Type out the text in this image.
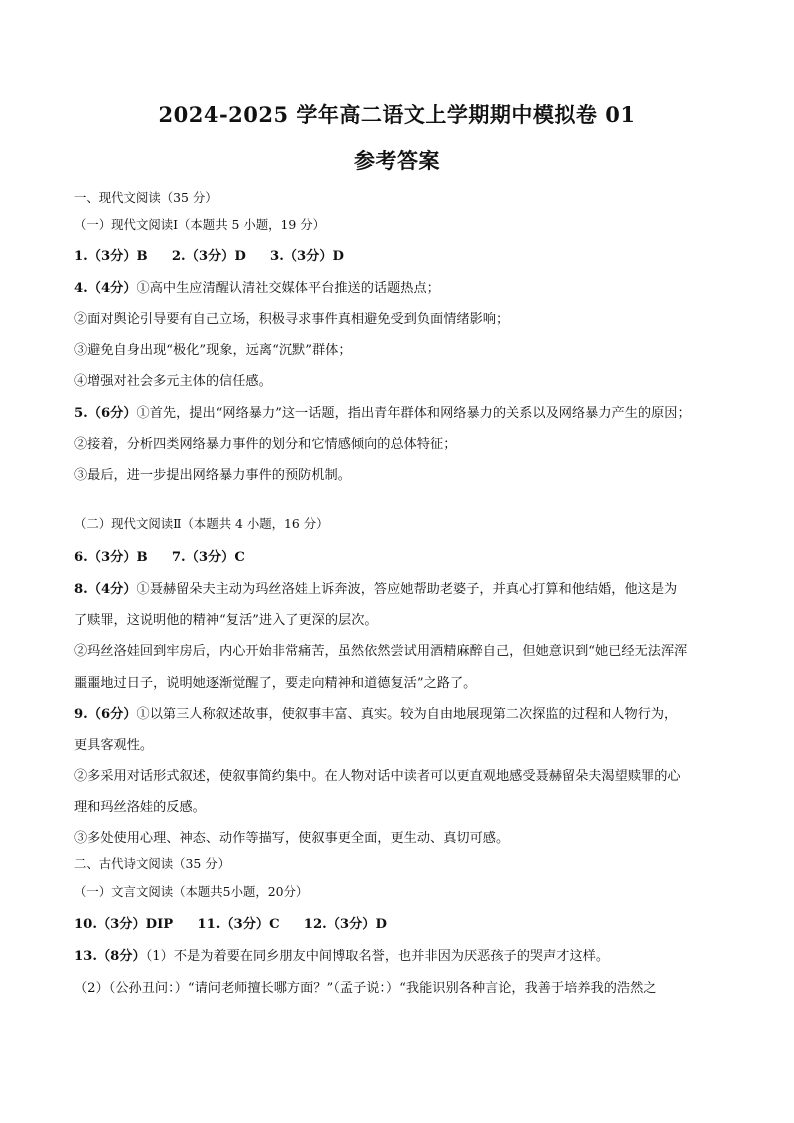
2024-2025 学年高二语文上学期期中模拟卷 01
参考答案
一、现代文阅读（35 分）
（一）现代文阅读Ⅰ（本题共 5 小题，19 分）
1.（3分）B 2.（3分）D 3.（3分）D
4.（4分）①高中生应清醒认清社交媒体平台推送的话题热点；
②面对舆论引导要有自己立场，积极寻求事件真相避免受到负面情绪影响；
③避免自身出现“极化”现象，远离“沉默”群体；
④增强对社会多元主体的信任感。
5.（6分）①首先，提出“网络暴力”这一话题，指出青年群体和网络暴力的关系以及网络暴力产生的原因；
②接着，分析四类网络暴力事件的划分和它情感倾向的总体特征；
③最后，进一步提出网络暴力事件的预防机制。
（二）现代文阅读Ⅱ（本题共 4 小题，16 分）
6.（3分）B 7.（3分）C
8.（4分）①聂赫留朵夫主动为玛丝洛娃上诉奔波，答应她帮助老婆子，并真心打算和他结婚，他这是为
了赎罪，这说明他的精神“复活”进入了更深的层次。
②玛丝洛娃回到牢房后，内心开始非常痛苦，虽然依然尝试用酒精麻醉自己，但她意识到“她已经无法浑浑
噩噩地过日子，说明她逐渐觉醒了，要走向精神和道德复活”之路了。
9.（6分）①以第三人称叙述故事，使叙事丰富、真实。较为自由地展现第二次探监的过程和人物行为，
更具客观性。
②多采用对话形式叙述，使叙事简约集中。在人物对话中读者可以更直观地感受聂赫留朵夫渴望赎罪的心
理和玛丝洛娃的反感。
③多处使用心理、神态、动作等描写，使叙事更全面，更生动、真切可感。
二、古代诗文阅读（35 分）
（一）文言文阅读（本题共5小题，20分）
10.（3分）DIP 11.（3分）C 12.（3分）D
13.（8分）（1）不是为着要在同乡朋友中间博取名誉，也并非因为厌恶孩子的哭声才这样。
（2）（公孙丑问：）“请问老师擅长哪方面？”（孟子说：）“我能识别各种言论，我善于培养我的浩然之
